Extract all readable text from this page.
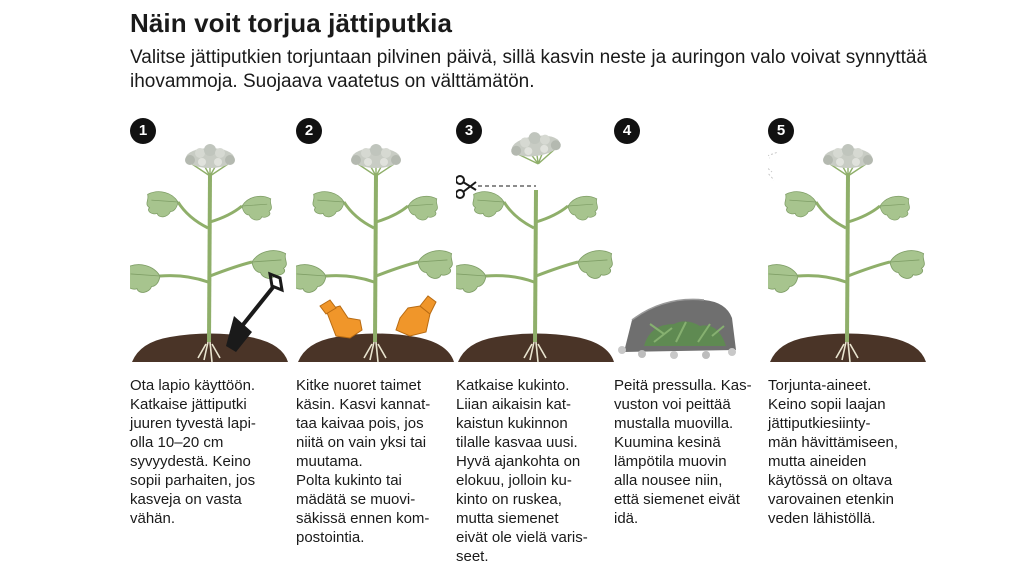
Näin voit torjua jättiputkia

Valitse jättiputkien torjuntaan pilvinen päivä, sillä kasvin neste ja auringon valo voivat synnyttää ihovammoja. Suojaava vaatetus on välttämätön.

1

Ota lapio käyttöön.
Katkaise jättiputki
juuren tyvestä lapi-
olla 10–20 cm
syvyydestä. Keino
sopii parhaiten, jos
kasveja on vasta
vähän.

2

Kitke nuoret taimet
käsin. Kasvi kannat-
taa kaivaa pois, jos
niitä on vain yksi tai
muutama.
Polta kukinto tai
mädätä se muovi-
säkissä ennen kom-
postointia.

3

Katkaise kukinto.
Liian aikaisin kat-
kaistun kukinnon
tilalle kasvaa uusi.
Hyvä ajankohta on
elokuu, jolloin ku-
kinto on ruskea,
mutta siemenet
eivät ole vielä varis-
seet.

4

Peitä pressulla. Kas-
vuston voi peittää
mustalla muovilla.
Kuumina kesinä
lämpötila muovin
alla nousee niin,
että siemenet eivät
idä.

5

Torjunta-aineet.
Keino sopii laajan
jättiputkiesiinty-
män hävittämiseen,
mutta aineiden
käytössä on oltava
varovainen etenkin
veden lähistöllä.
